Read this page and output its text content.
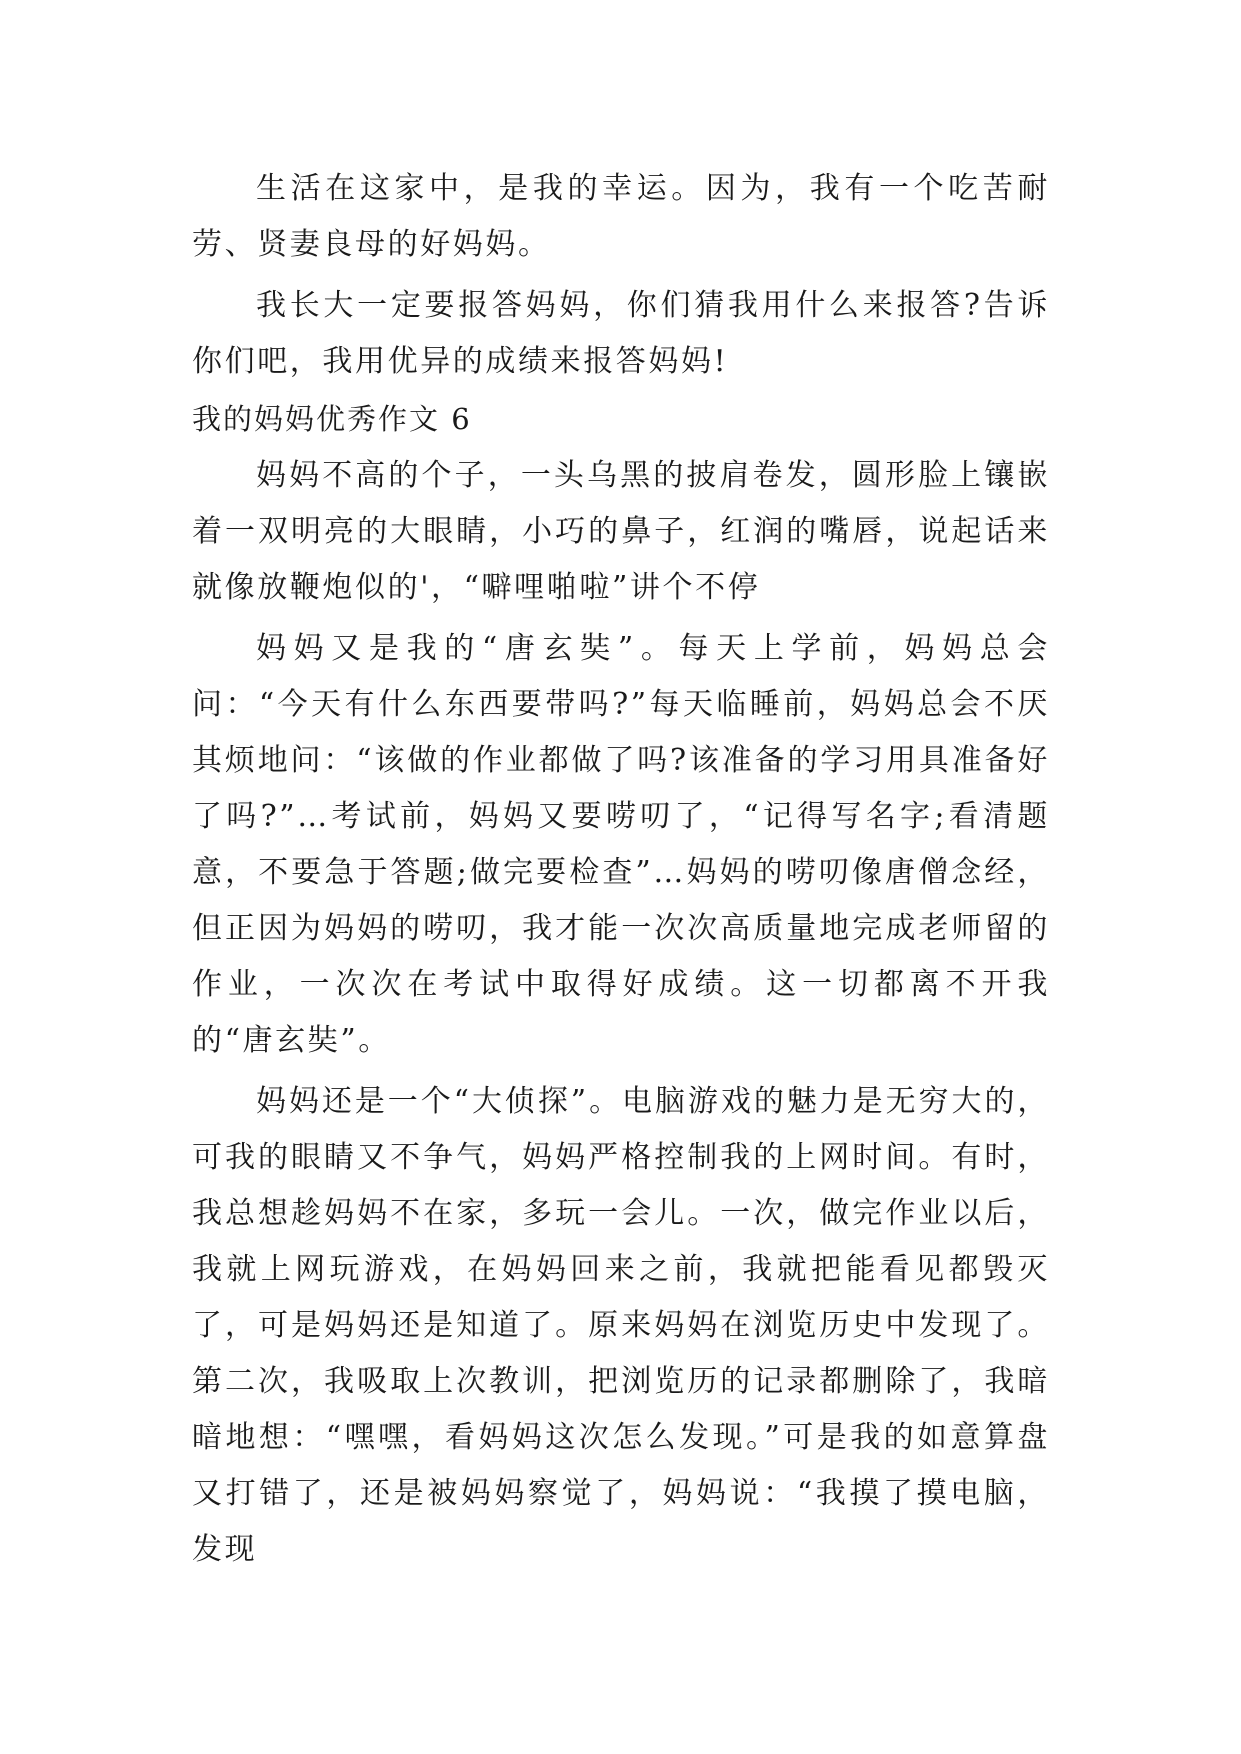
生活在这家中，是我的幸运。因为，我有一个吃苦耐劳、贤妻良母的好妈妈。

我长大一定要报答妈妈，你们猜我用什么来报答?告诉你们吧，我用优异的成绩来报答妈妈!

我的妈妈优秀作文 6

妈妈不高的个子，一头乌黑的披肩卷发，圆形脸上镶嵌着一双明亮的大眼睛，小巧的鼻子，红润的嘴唇，说起话来就像放鞭炮似的'，“噼哩啪啦”讲个不停

妈妈又是我的“唐玄奘”。每天上学前，妈妈总会问：“今天有什么东西要带吗?”每天临睡前，妈妈总会不厌其烦地问：“该做的作业都做了吗?该准备的学习用具准备好了吗?”…考试前，妈妈又要唠叨了，“记得写名字;看清题意，不要急于答题;做完要检查”…妈妈的唠叨像唐僧念经，但正因为妈妈的唠叨，我才能一次次高质量地完成老师留的作业，一次次在考试中取得好成绩。这一切都离不开我的“唐玄奘”。

妈妈还是一个“大侦探”。电脑游戏的魅力是无穷大的，可我的眼睛又不争气，妈妈严格控制我的上网时间。有时，我总想趁妈妈不在家，多玩一会儿。一次，做完作业以后，我就上网玩游戏，在妈妈回来之前，我就把能看见都毁灭了，可是妈妈还是知道了。原来妈妈在浏览历史中发现了。第二次，我吸取上次教训，把浏览历的记录都删除了，我暗暗地想：“嘿嘿，看妈妈这次怎么发现。”可是我的如意算盘又打错了，还是被妈妈察觉了，妈妈说：“我摸了摸电脑，发现
